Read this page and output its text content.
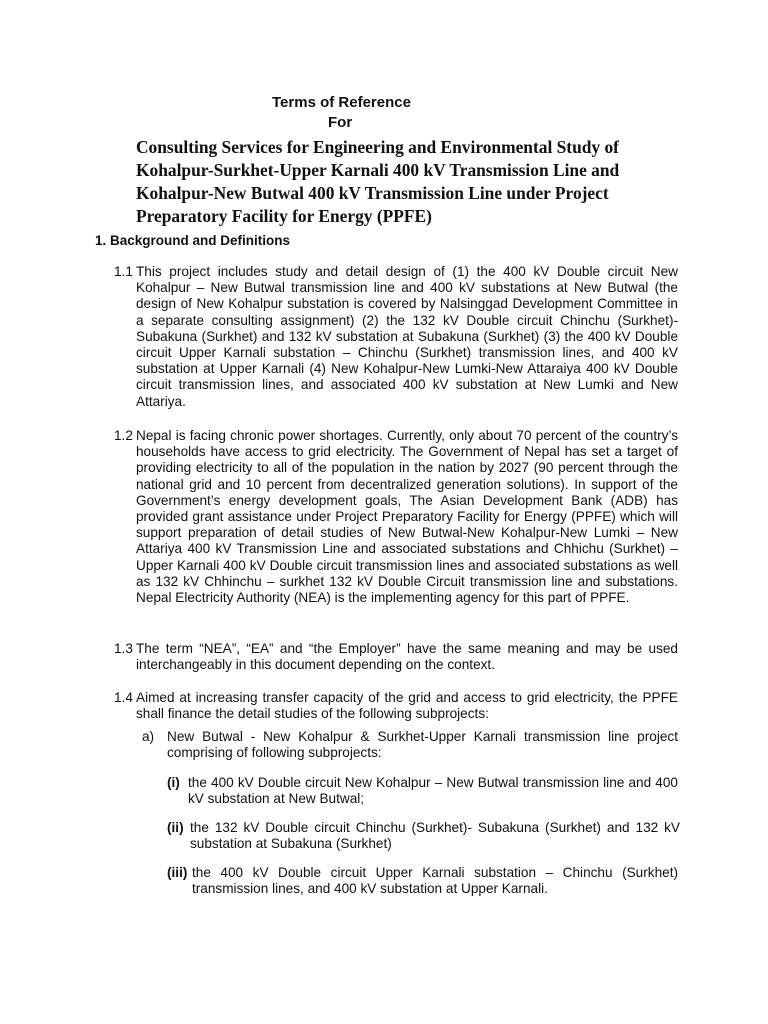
Terms of Reference
For
Consulting Services for Engineering and Environmental Study of Kohalpur-Surkhet-Upper Karnali 400 kV Transmission Line and Kohalpur-New Butwal 400 kV Transmission Line under Project Preparatory Facility for Energy (PPFE)
1. Background and Definitions
1.1 This project includes study and detail design of (1) the 400 kV Double circuit New Kohalpur – New Butwal transmission line and 400 kV substations at New Butwal (the design of New Kohalpur substation is covered by Nalsinggad Development Committee in a separate consulting assignment) (2) the 132 kV Double circuit Chinchu (Surkhet)-Subakuna (Surkhet) and 132 kV substation at Subakuna (Surkhet) (3) the 400 kV Double circuit Upper Karnali substation – Chinchu (Surkhet) transmission lines, and 400 kV substation at Upper Karnali (4) New Kohalpur-New Lumki-New Attaraiya 400 kV Double circuit transmission lines, and associated 400 kV substation at New Lumki and New Attariya.
1.2 Nepal is facing chronic power shortages. Currently, only about 70 percent of the country’s households have access to grid electricity. The Government of Nepal has set a target of providing electricity to all of the population in the nation by 2027 (90 percent through the national grid and 10 percent from decentralized generation solutions). In support of the Government’s energy development goals, The Asian Development Bank (ADB) has provided grant assistance under Project Preparatory Facility for Energy (PPFE) which will support preparation of detail studies of New Butwal-New Kohalpur-New Lumki – New Attariya 400 kV Transmission Line and associated substations and Chhichu (Surkhet) – Upper Karnali 400 kV Double circuit transmission lines and associated substations as well as 132 kV Chhinchu – surkhet 132 kV Double Circuit transmission line and substations. Nepal Electricity Authority (NEA) is the implementing agency for this part of PPFE.
1.3 The term “NEA”, “EA” and “the Employer” have the same meaning and may be used interchangeably in this document depending on the context.
1.4 Aimed at increasing transfer capacity of the grid and access to grid electricity, the PPFE shall finance the detail studies of the following subprojects:
a) New Butwal - New Kohalpur & Surkhet-Upper Karnali transmission line project comprising of following subprojects:
(i) the 400 kV Double circuit New Kohalpur – New Butwal transmission line and 400 kV substation at New Butwal;
(ii) the 132 kV Double circuit Chinchu (Surkhet)- Subakuna (Surkhet) and 132 kV substation at Subakuna (Surkhet)
(iii) the 400 kV Double circuit Upper Karnali substation – Chinchu (Surkhet) transmission lines, and 400 kV substation at Upper Karnali.
